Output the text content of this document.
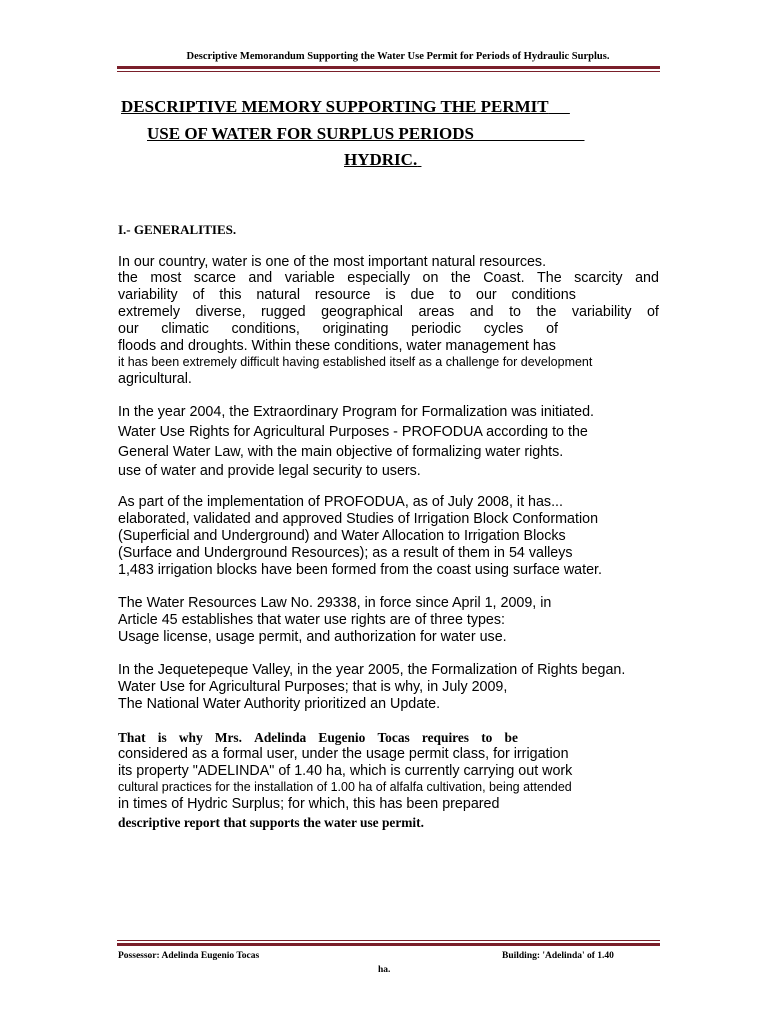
Descriptive Memorandum Supporting the Water Use Permit for Periods of Hydraulic Surplus.
DESCRIPTIVE MEMORY SUPPORTING THE PERMIT
USE OF WATER FOR SURPLUS PERIODS
HYDRIC.
I.- GENERALITIES.
In our country, water is one of the most important natural resources.
the most scarce and variable especially on the Coast. The scarcity and
variability of this natural resource is due to our conditions
extremely diverse, rugged geographical areas and to the variability of
our climatic conditions, originating periodic cycles of
floods and droughts. Within these conditions, water management has
it has been extremely difficult having established itself as a challenge for development
agricultural.
In the year 2004, the Extraordinary Program for Formalization was initiated.
Water Use Rights for Agricultural Purposes - PROFODUA according to the
General Water Law, with the main objective of formalizing water rights.
use of water and provide legal security to users.
As part of the implementation of PROFODUA, as of July 2008, it has...
elaborated, validated and approved Studies of Irrigation Block Conformation
(Superficial and Underground) and Water Allocation to Irrigation Blocks
(Surface and Underground Resources); as a result of them in 54 valleys
1,483 irrigation blocks have been formed from the coast using surface water.
The Water Resources Law No. 29338, in force since April 1, 2009, in
Article 45 establishes that water use rights are of three types:
Usage license, usage permit, and authorization for water use.
In the Jequetepeque Valley, in the year 2005, the Formalization of Rights began.
Water Use for Agricultural Purposes; that is why, in July 2009,
The National Water Authority prioritized an Update.
That is why Mrs. Adelinda Eugenio Tocas requires to be
considered as a formal user, under the usage permit class, for irrigation
its property "ADELINDA" of 1.40 ha, which is currently carrying out work
cultural practices for the installation of 1.00 ha of alfalfa cultivation, being attended
in times of Hydric Surplus; for which, this has been prepared
descriptive report that supports the water use permit.
Possessor: Adelinda Eugenio Tocas	Building: 'Adelinda' of 1.40
ha.
